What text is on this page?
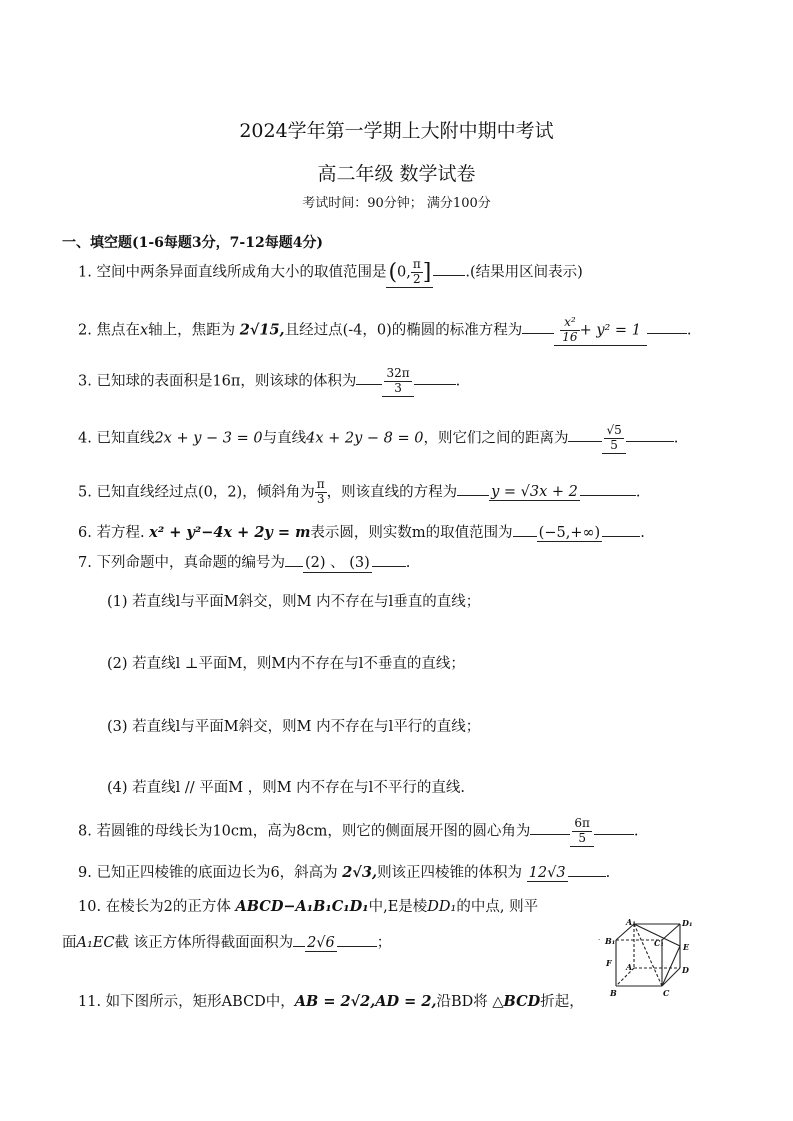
2024学年第一学期上大附中期中考试
高二年级 数学试卷
考试时间：90分钟； 满分100分
一、填空题(1-6每题3分，7-12每题4分)
1. 空间中两条异面直线所成角大小的取值范围是(0, $\frac{\pi}{2}$ ] .(结果用区间表示)
2. 焦点在x轴上，焦距为 2√15,且经过点(-4，0)的椭圆的标准方程为	$\frac{\text{x²}}{16} + y^2 = 1$	.
3. 已知球的表面积是16π，则该球的体积为 $\frac{32\pi}{3}$	.
4. 已知直线2x + y − 3 = 0与直线4x + 2y − 8 = 0，则它们之间的距离为	$\frac{√5}{5}$	.
5. 已知直线经过点(0，2)，倾斜角为 $\frac{\pi}{3}$ ，则该直线的方程为 y = √3x + 2	.
6. 若方程. x² + y²−4x + 2y = m表示圆，则实数m的取值范围为 (−5,+∞)	.
7. 下列命题中，真命题的编号为 (2) 、 (3) .
(1) 若直线l与平面M斜交，则M 内不存在与l垂直的直线；
(2) 若直线l ⊥平面M，则M内不存在与l不垂直的直线；
(3) 若直线l与平面M斜交，则M 内不存在与l平行的直线；
(4) 若直线l // 平面M ，则M 内不存在与l不平行的直线.
8. 若圆锥的母线长为10cm，高为8cm，则它的侧面展开图的圆心角为	$\frac{6\pi}{5}$	.
9. 已知正四棱锥的底面边长为6，斜高为 2√3,则该正四棱锥的体积为 12√3	.
10. 在棱长为2的正方体 ABCD−A₁B₁C₁D₁中,E是棱DD₁的中点, 则平
面A₁EC截 该正方体所得截面面积为 2√6	；
A₁	D₁
B₁	C₁ E
F A	D
B	C
·
11. 如下图所示，矩形ABCD中，AB = 2√2,AD = 2,沿BD将 △BCD折起，
